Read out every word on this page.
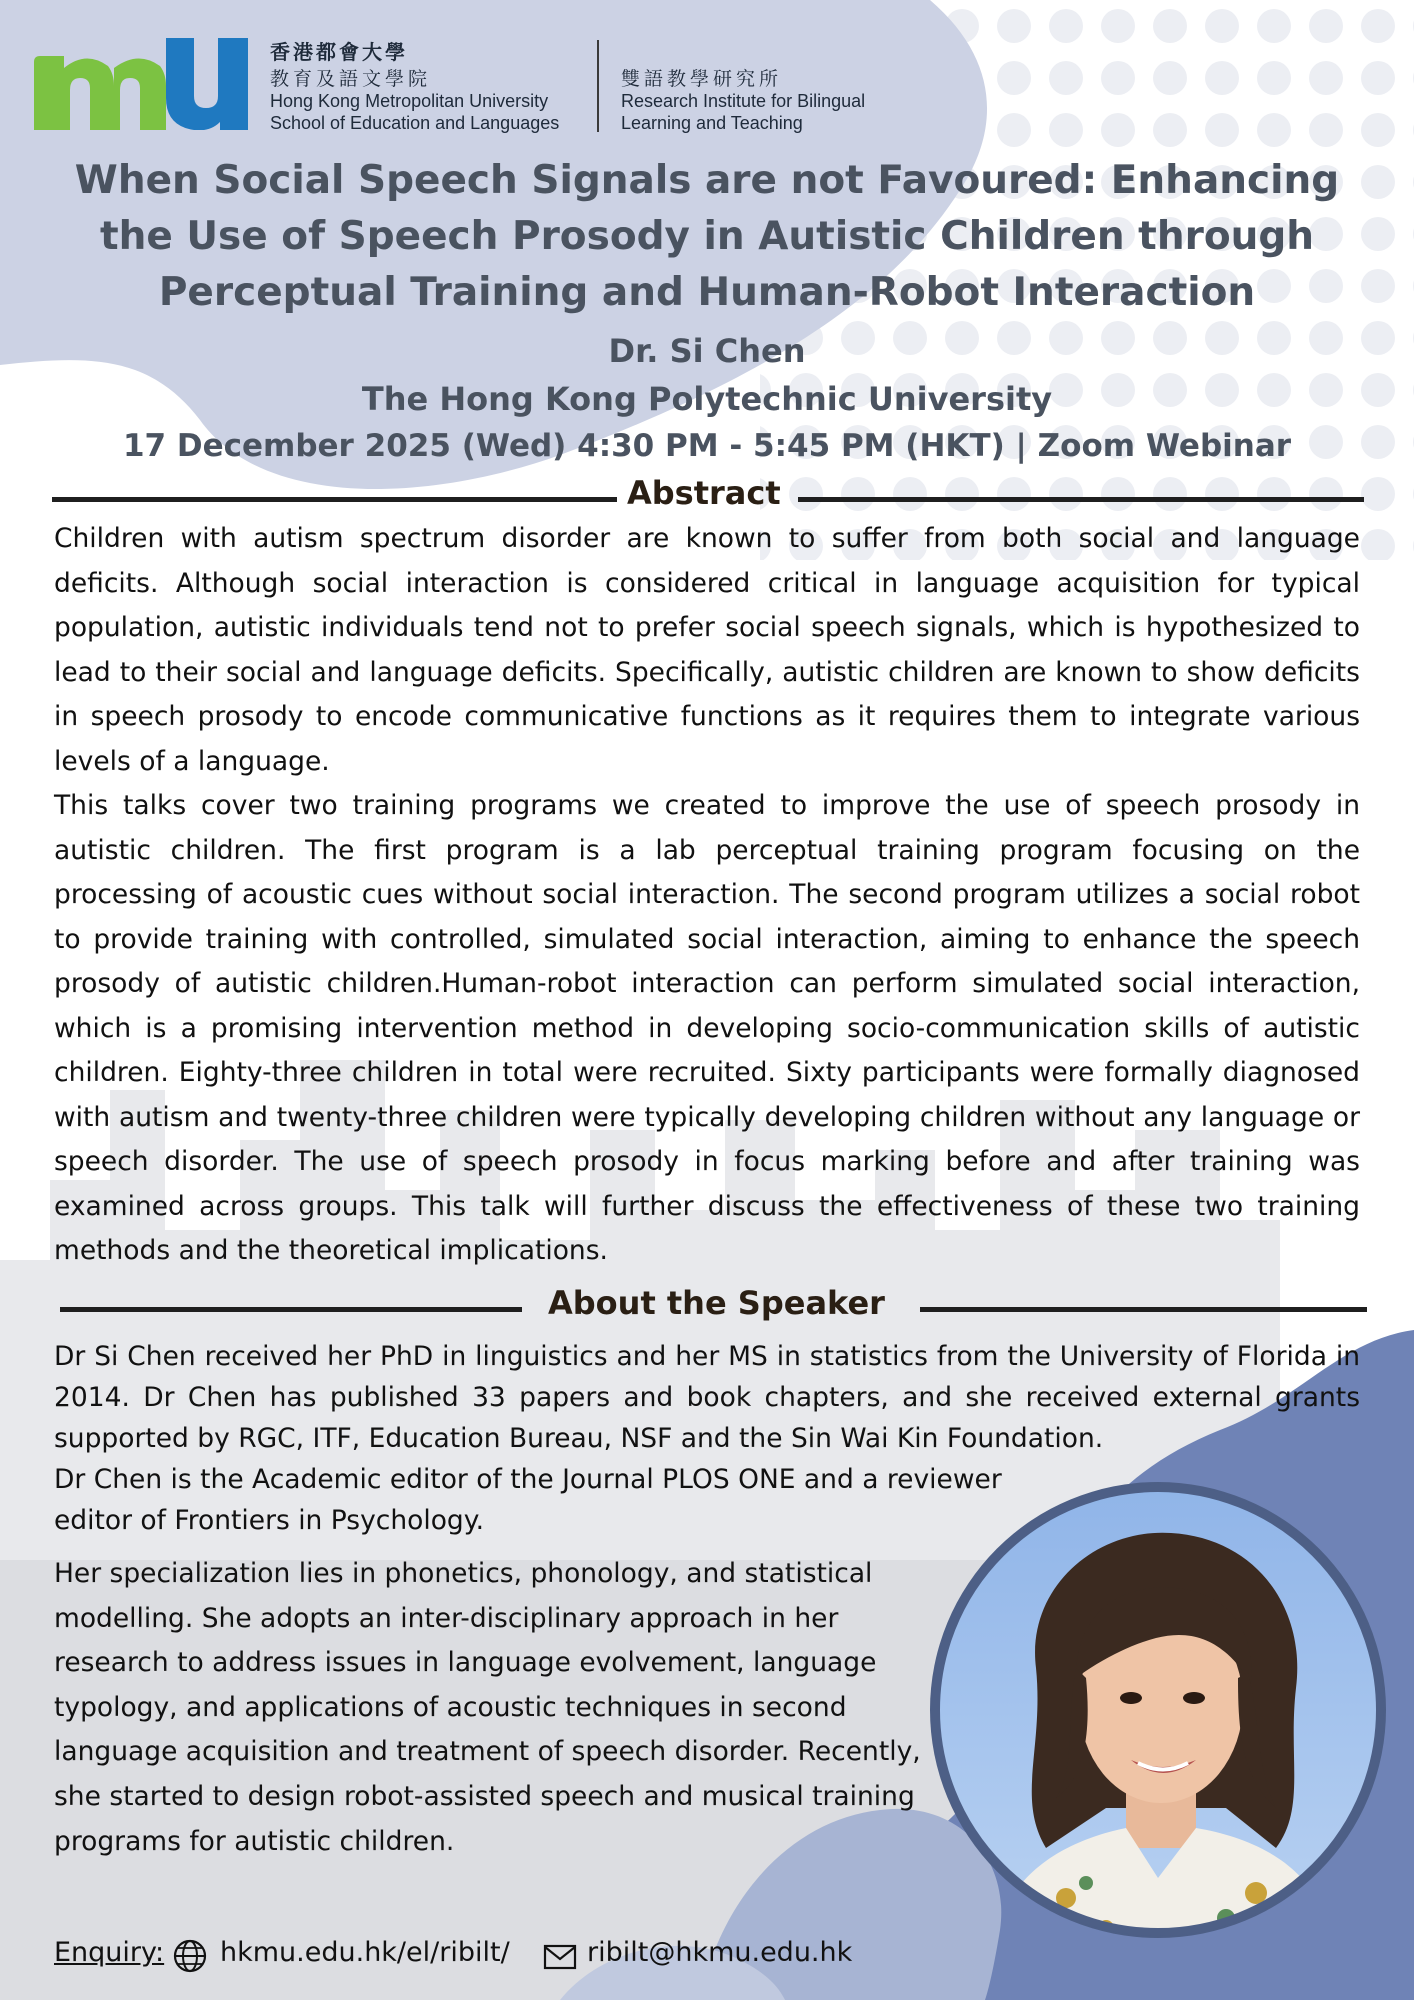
香港都會大學
教育及語文學院
Hong Kong Metropolitan University
School of Education and Languages
雙語教學研究所
Research Institute for Bilingual
Learning and Teaching
When Social Speech Signals are not Favoured: Enhancing the Use of Speech Prosody in Autistic Children through Perceptual Training and Human-Robot Interaction
Dr. Si Chen
The Hong Kong Polytechnic University
17 December 2025 (Wed) 4:30 PM - 5:45 PM (HKT) | Zoom Webinar
Abstract

Children with autism spectrum disorder are known to suffer from both social and language deficits. Although social interaction is considered critical in language acquisition for typical population, autistic individuals tend not to prefer social speech signals, which is hypothesized to lead to their social and language deficits. Specifically, autistic children are known to show deficits in speech prosody to encode communicative functions as it requires them to integrate various levels of a language.

This talks cover two training programs we created to improve the use of speech prosody in autistic children. The first program is a lab perceptual training program focusing on the processing of acoustic cues without social interaction. The second program utilizes a social robot to provide training with controlled, simulated social interaction, aiming to enhance the speech prosody of autistic children.Human-robot interaction can perform simulated social interaction, which is a promising intervention method in developing socio-communication skills of autistic children. Eighty-three children in total were recruited. Sixty participants were formally diagnosed with autism and twenty-three children were typically developing children without any language or speech disorder. The use of speech prosody in focus marking before and after training was examined across groups. This talk will further discuss the effectiveness of these two training methods and the theoretical implications.

About the Speaker

Dr Si Chen received her PhD in linguistics and her MS in statistics from the University of Florida in 2014. Dr Chen has published 33 papers and book chapters, and she received external grants supported by RGC, ITF, Education Bureau, NSF and the Sin Wai Kin Foundation.

Dr Chen is the Academic editor of the Journal PLOS ONE and a reviewer editor of Frontiers in Psychology.

Her specialization lies in phonetics, phonology, and statistical modelling. She adopts an inter-disciplinary approach in her research to address issues in language evolvement, language typology, and applications of acoustic techniques in second language acquisition and treatment of speech disorder. Recently, she started to design robot-assisted speech and musical training programs for autistic children.

Enquiry: hkmu.edu.hk/el/ribilt/	ribilt@hkmu.edu.hk
